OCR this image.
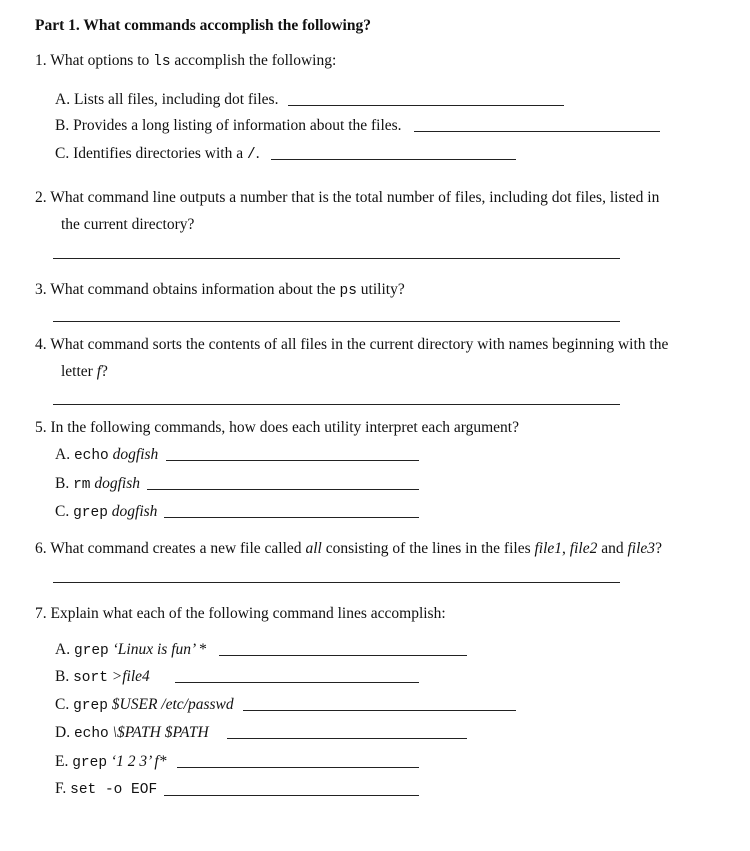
Part 1. What commands accomplish the following?
1. What options to ls accomplish the following:
A. Lists all files, including dot files.
B. Provides a long listing of information about the files.
C. Identifies directories with a /.
2. What command line outputs a number that is the total number of files, including dot files, listed in
the current directory?
3. What command obtains information about the ps utility?
4. What command sorts the contents of all files in the current directory with names beginning with the
letter f?
5. In the following commands, how does each utility interpret each argument?
A. echo dogfish
B. rm dogfish
C. grep dogfish
6. What command creates a new file called all consisting of the lines in the files file1, file2 and file3?
7. Explain what each of the following command lines accomplish:
A. grep ‘Linux is fun’ *
B. sort >file4
C. grep $USER /etc/passwd
D. echo \$PATH $PATH
E. grep ‘1 2 3’ f*
F. set -o EOF
